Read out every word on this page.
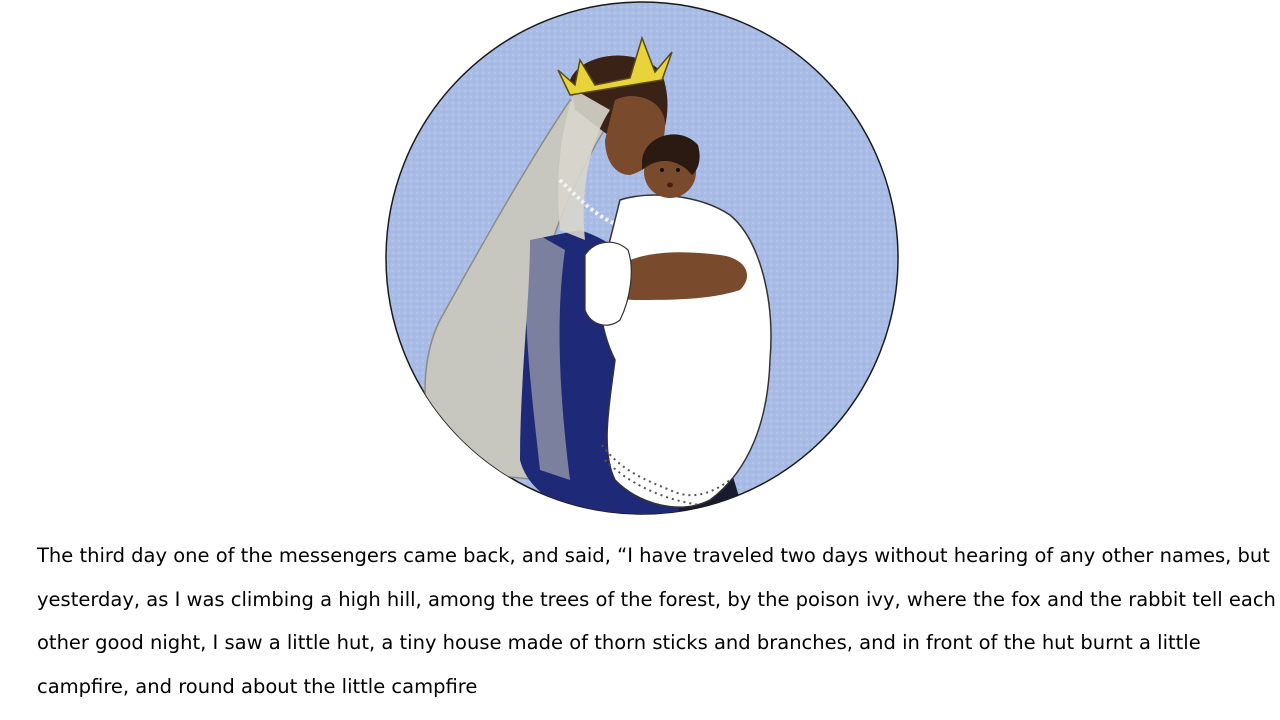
The third day one of the messengers came back, and said, “I have traveled two days without hearing of any other names, but
yesterday, as I was climbing a high hill, among the trees of the forest, by the poison ivy, where the fox and the rabbit tell each
other good night, I saw a little hut, a tiny house made of thorn sticks and branches, and in front of the hut burnt a little
campfire, and round about the little campfire
